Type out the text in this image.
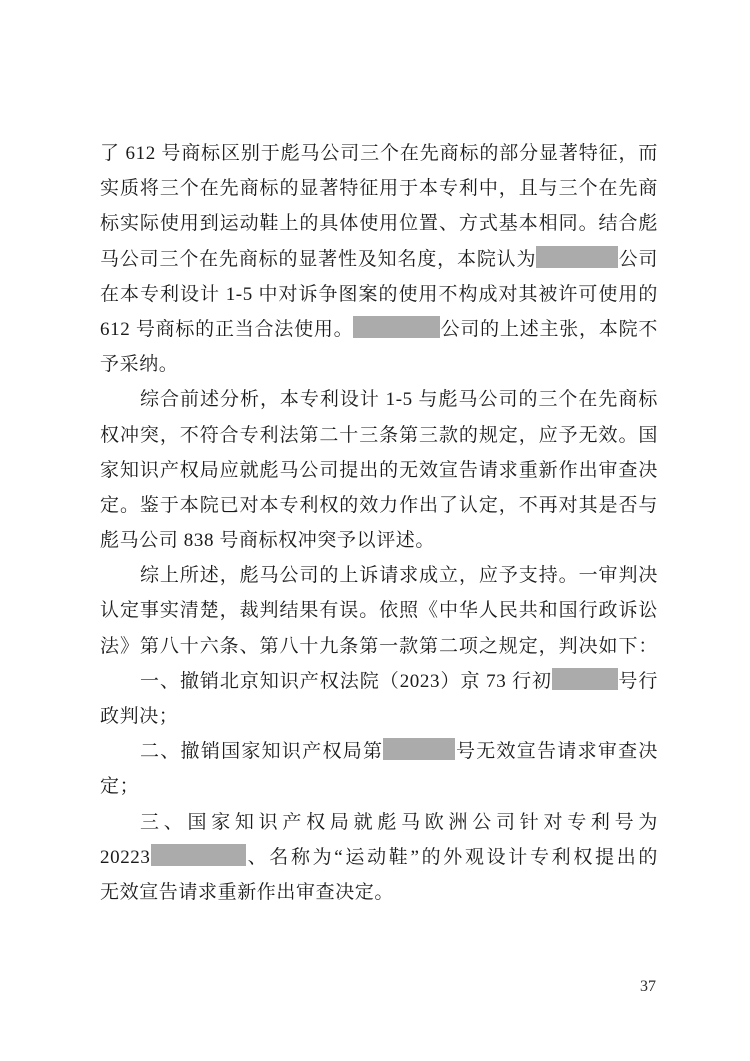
了 612 号商标区别于彪马公司三个在先商标的部分显著特征，而
实质将三个在先商标的显著特征用于本专利中，且与三个在先商
标实际使用到运动鞋上的具体使用位置、方式基本相同。结合彪
马公司三个在先商标的显著性及知名度，本院认为	公司
在本专利设计 1-5 中对诉争图案的使用不构成对其被许可使用的
612 号商标的正当合法使用。	公司的上述主张，本院不
予采纳。
综合前述分析，本专利设计 1-5 与彪马公司的三个在先商标
权冲突，不符合专利法第二十三条第三款的规定，应予无效。国
家知识产权局应就彪马公司提出的无效宣告请求重新作出审查决
定。鉴于本院已对本专利权的效力作出了认定，不再对其是否与
彪马公司 838 号商标权冲突予以评述。
综上所述，彪马公司的上诉请求成立，应予支持。一审判决
认定事实清楚，裁判结果有误。依照《中华人民共和国行政诉讼
法》第八十六条、第八十九条第一款第二项之规定，判决如下：
一、撤销北京知识产权法院（2023）京 73 行初	号行
政判决；
二、撤销国家知识产权局第	号无效宣告请求审查决
定；
三、国家知识产权局就彪马欧洲公司针对专利号为
20223	、名称为“运动鞋”的外观设计专利权提出的
无效宣告请求重新作出审查决定。
37
